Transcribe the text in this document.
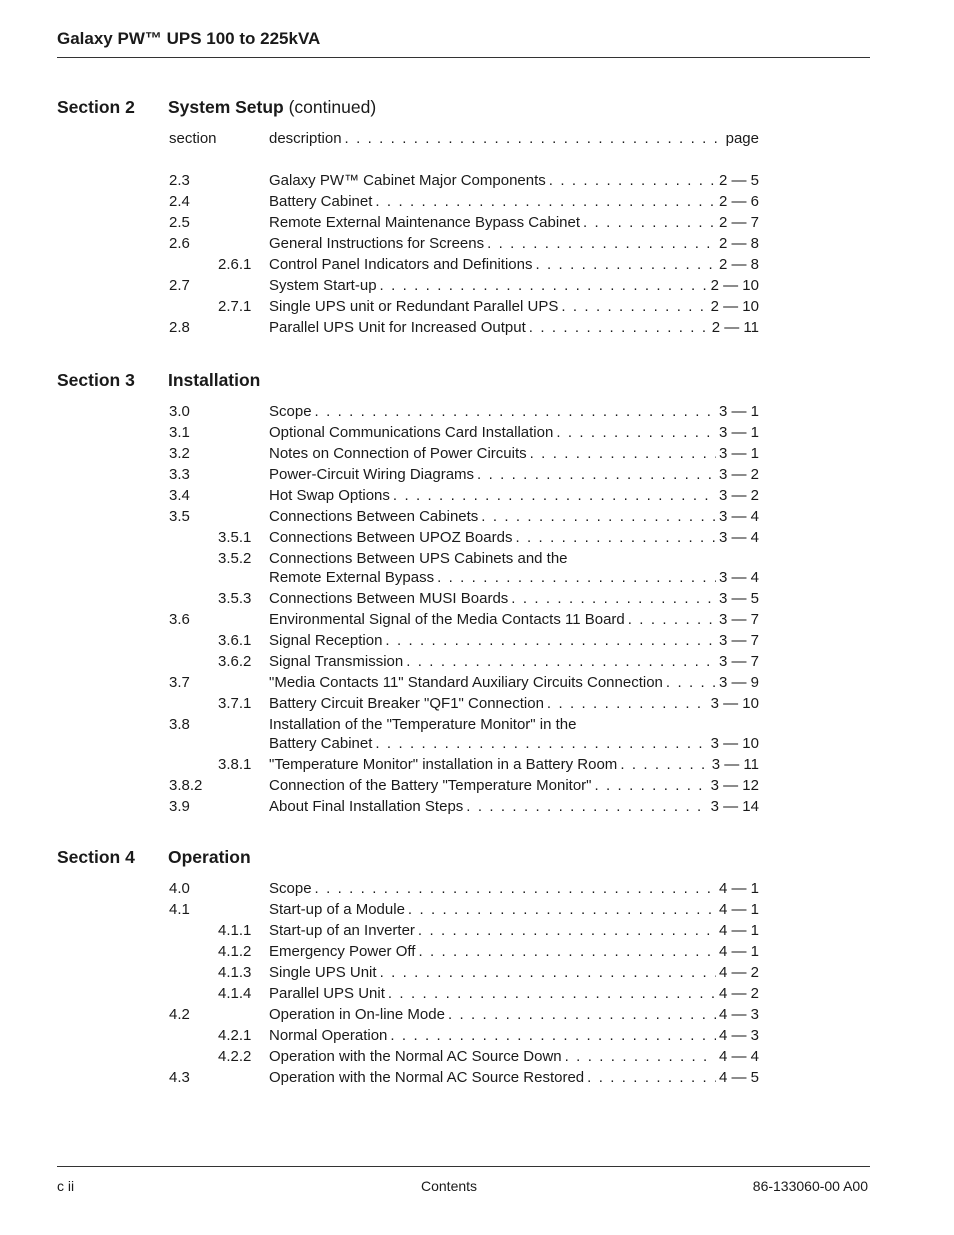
Galaxy PW™ UPS 100 to 225kVA
Section 2 System Setup (continued)
section	description . . .	page
2.3	Galaxy PW™ Cabinet Major Components . . .	2 — 5
2.4	Battery Cabinet . . .	2 — 6
2.5	Remote External Maintenance Bypass Cabinet . . .	2 — 7
2.6	General Instructions for Screens . . .	2 — 8
2.6.1 Control Panel Indicators and Definitions . . .	2 — 8
2.7	System Start-up . . .	2 — 10
2.7.1 Single UPS unit or Redundant Parallel UPS . . .	2 — 10
2.8	Parallel UPS Unit for Increased Output . . .	2 — 11
Section 3 Installation
3.0	Scope . . .	3 — 1
3.1	Optional Communications Card Installation . . .	3 — 1
3.2	Notes on Connection of Power Circuits . . .	3 — 1
3.3	Power-Circuit Wiring Diagrams . . .	3 — 2
3.4	Hot Swap Options . . .	3 — 2
3.5	Connections Between Cabinets . . .	3 — 4
3.5.1 Connections Between UPOZ Boards . . .	3 — 4
3.5.2 Connections Between UPS Cabinets and the
Remote External Bypass . . .	3 — 4
3.5.3 Connections Between MUSI Boards . . .	3 — 5
3.6	Environmental Signal of the Media Contacts 11 Board . . .	3 — 7
3.6.1 Signal Reception . . .	3 — 7
3.6.2 Signal Transmission . . .	3 — 7
3.7	"Media Contacts 11" Standard Auxiliary Circuits Connection . . .	3 — 9
3.7.1 Battery Circuit Breaker "QF1" Connection . . .	3 — 10
3.8	Installation of the "Temperature Monitor" in the
Battery Cabinet . . .	3 — 10
3.8.1 "Temperature Monitor" installation in a Battery Room . . .	3 — 11
3.8.2	Connection of the Battery "Temperature Monitor" . . .	3 — 12
3.9	About Final Installation Steps . . .	3 — 14
Section 4 Operation
4.0	Scope . . .	4 — 1
4.1	Start-up of a Module . . .	4 — 1
4.1.1 Start-up of an Inverter . . .	4 — 1
4.1.2 Emergency Power Off . . .	4 — 1
4.1.3 Single UPS Unit . . .	4 — 2
4.1.4 Parallel UPS Unit . . .	4 — 2
4.2	Operation in On-line Mode . . .	4 — 3
4.2.1 Normal Operation . . .	4 — 3
4.2.2 Operation with the Normal AC Source Down . . .	4 — 4
4.3	Operation with the Normal AC Source Restored . . .	4 — 5
c ii	Contents	86-133060-00 A00
